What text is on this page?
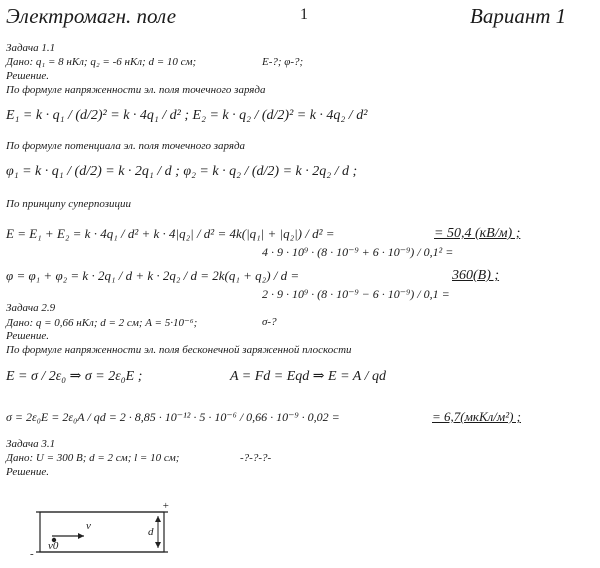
Электромагн. поле	1	Вариант 1
Задача 1.1
Дано: q₁ = 8 нКл; q₂ = -6 нКл; d = 10 см;	E-?; φ-?;
Решение.
По формуле напряженности эл. поля точечного заряда
E₁ = k · q₁ / (d/2)² = k · 4q₁ / d² ; E₂ = k · q₂ / (d/2)² = k · 4q₂ / d²
По формуле потенциала эл. поля точечного заряда
φ₁ = k · q₁ / (d/2) = k · 2q₁ / d ; φ₂ = k · q₂ / (d/2) = k · 2q₂ / d ;
По принципу суперпозиции
E = E₁ + E₂ = k · 4q₁ / d² + k · 4|q₂| / d² = 4k(|q₁| + |q₂|) / d² =
4 · 9 · 10⁹ · (8 · 10⁻⁹ + 6 · 10⁻⁹) / 0,1² =
= 50,4 (кВ/м) ;
φ = φ₁ + φ₂ = k · 2q₁ / d + k · 2q₂ / d = 2k(q₁ + q₂) / d =
2 · 9 · 10⁹ · (8 · 10⁻⁹ − 6 · 10⁻⁹) / 0,1 =
360(В) ;
Задача 2.9
Дано: q = 0,66 нКл; d = 2 см; A = 5·10⁻⁶;	σ-?
Решение.
По формуле напряженности эл. поля бесконечной заряженной плоскости
E = σ / 2ε₀ ⇒ σ = 2ε₀E ;	A = Fd = Eqd ⇒ E = A / qd
σ = 2ε₀E = 2ε₀A / qd = 2 · 8,85 · 10⁻¹² · 5 · 10⁻⁶ / 0,66 · 10⁻⁹ · 0,02 =	= 6,7(мкКл/м²) ;
Задача 3.1
Дано: U = 300 В; d = 2 см; l = 10 см;	-?-?-?-
Решение.
v	d
v0
+
-
